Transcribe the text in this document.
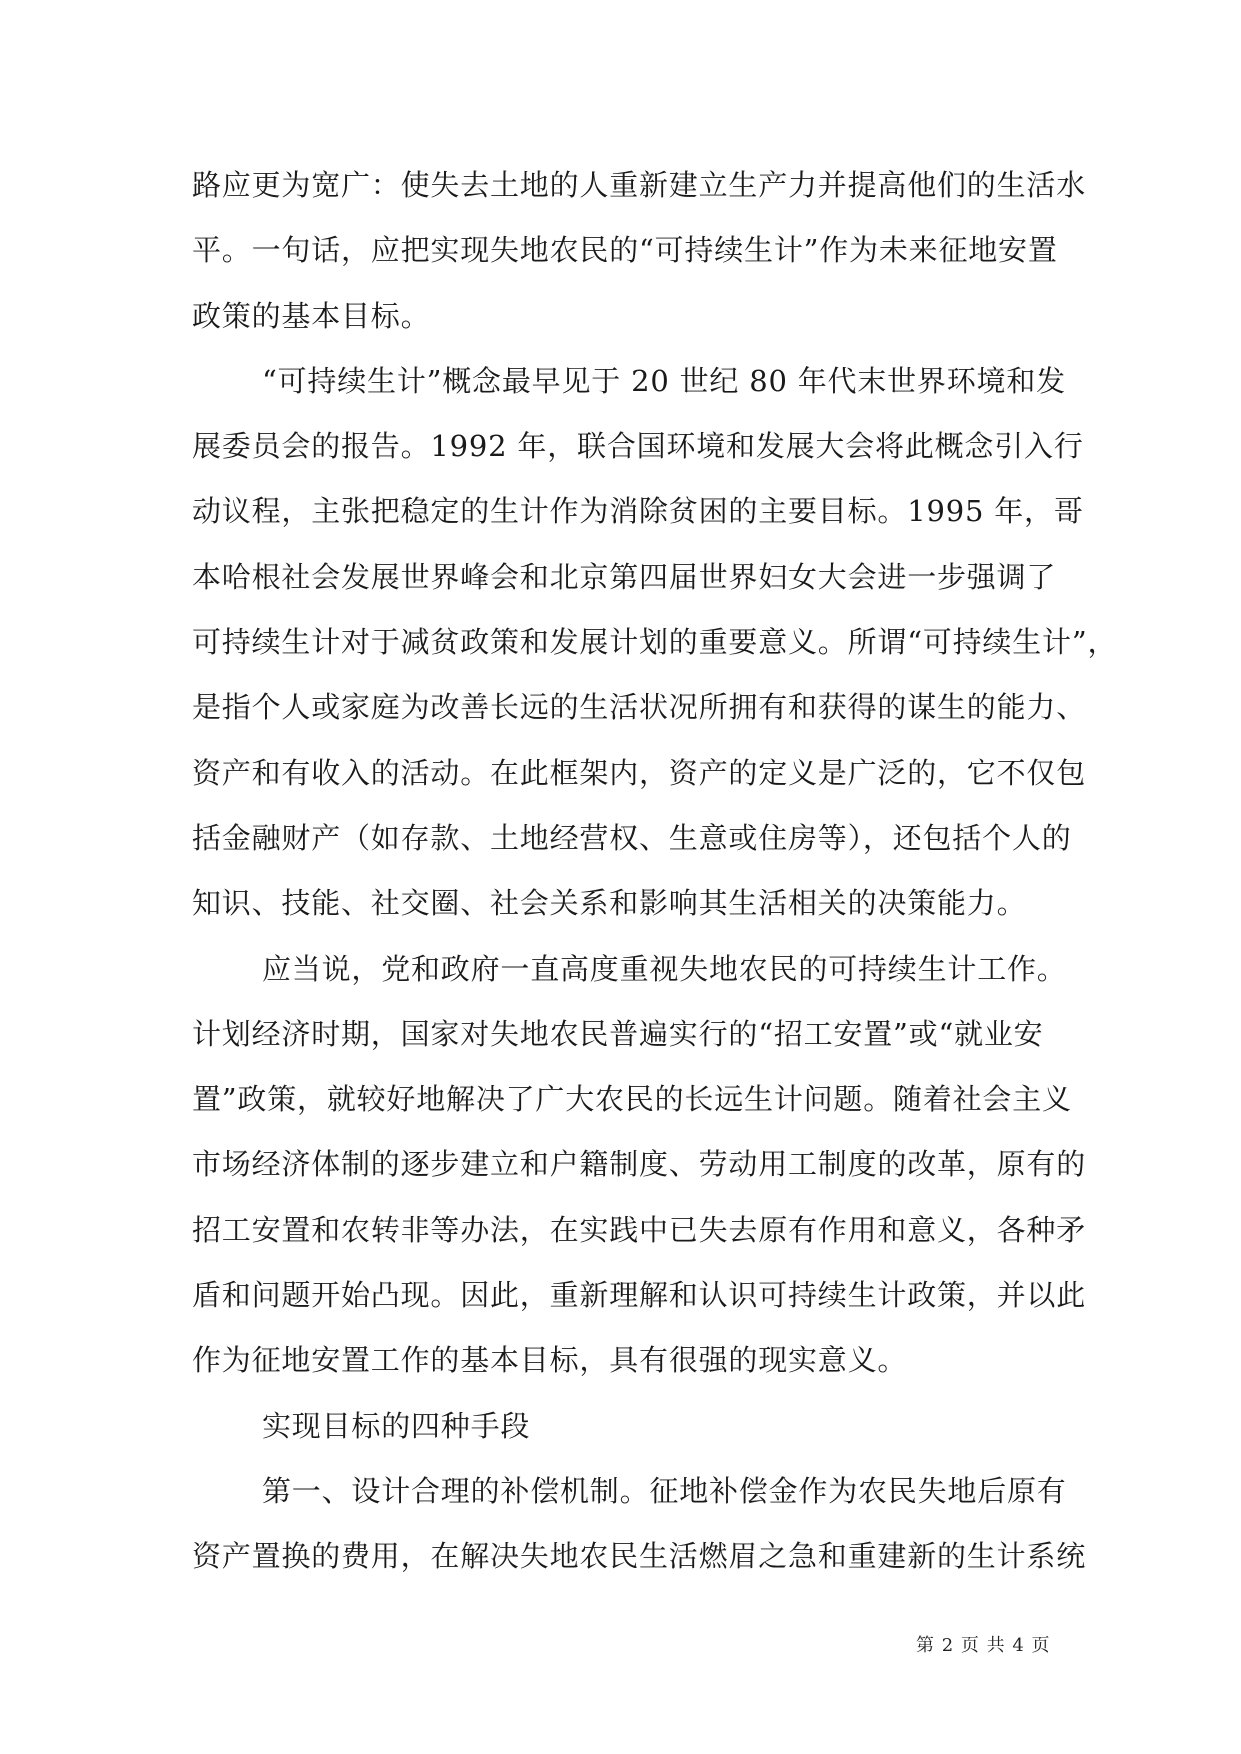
路应更为宽广：使失去土地的人重新建立生产力并提高他们的生活水
平。一句话，应把实现失地农民的“可持续生计”作为未来征地安置
政策的基本目标。
“可持续生计”概念最早见于 20 世纪 80 年代末世界环境和发
展委员会的报告。1992 年，联合国环境和发展大会将此概念引入行
动议程，主张把稳定的生计作为消除贫困的主要目标。1995 年，哥
本哈根社会发展世界峰会和北京第四届世界妇女大会进一步强调了
可持续生计对于减贫政策和发展计划的重要意义。所谓“可持续生计”，
是指个人或家庭为改善长远的生活状况所拥有和获得的谋生的能力、
资产和有收入的活动。在此框架内，资产的定义是广泛的，它不仅包
括金融财产（如存款、土地经营权、生意或住房等），还包括个人的
知识、技能、社交圈、社会关系和影响其生活相关的决策能力。
应当说，党和政府一直高度重视失地农民的可持续生计工作。
计划经济时期，国家对失地农民普遍实行的“招工安置”或“就业安
置”政策，就较好地解决了广大农民的长远生计问题。随着社会主义
市场经济体制的逐步建立和户籍制度、劳动用工制度的改革，原有的
招工安置和农转非等办法，在实践中已失去原有作用和意义，各种矛
盾和问题开始凸现。因此，重新理解和认识可持续生计政策，并以此
作为征地安置工作的基本目标，具有很强的现实意义。
实现目标的四种手段
第一、设计合理的补偿机制。征地补偿金作为农民失地后原有
资产置换的费用，在解决失地农民生活燃眉之急和重建新的生计系统
第 2 页 共 4 页
